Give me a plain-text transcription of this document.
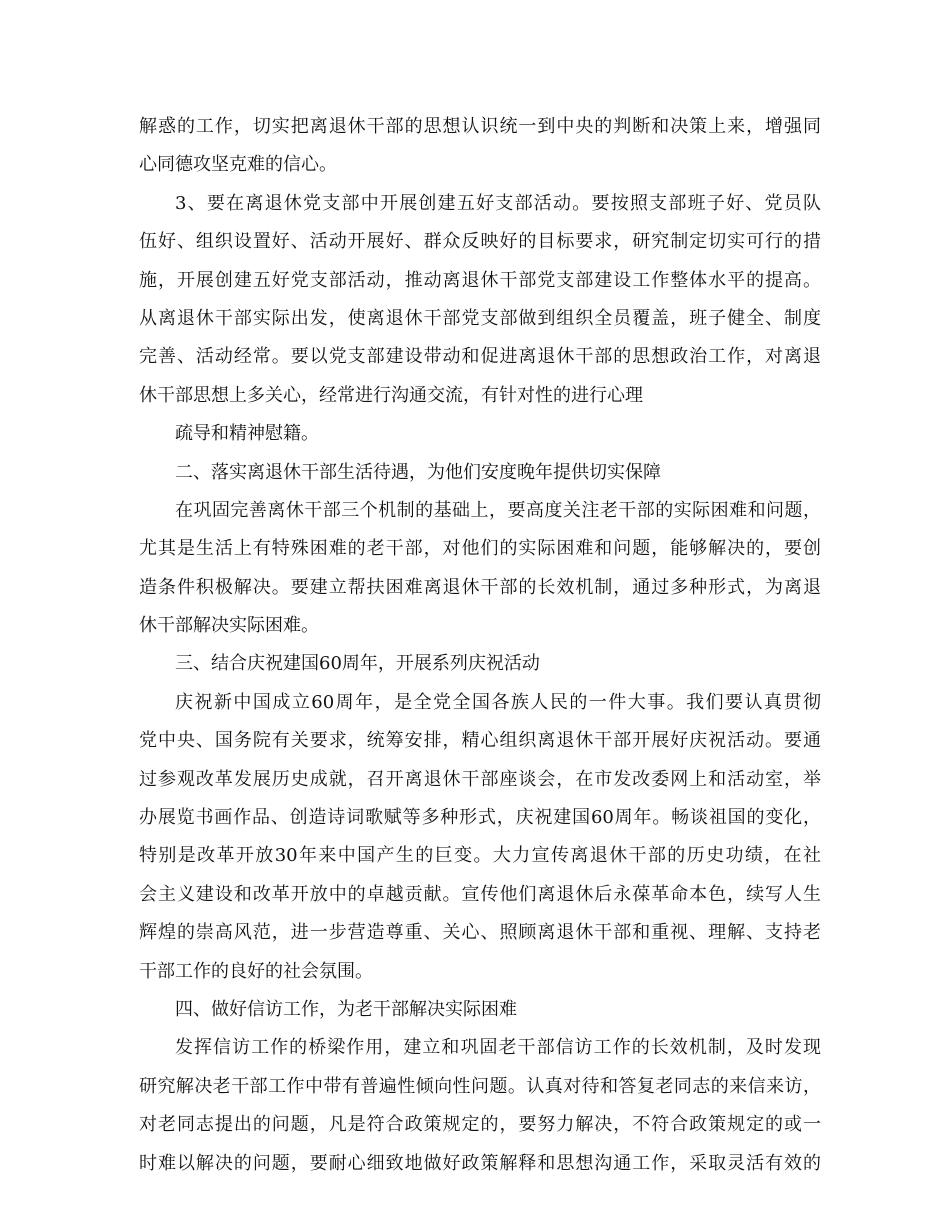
解惑的工作，切实把离退休干部的思想认识统一到中央的判断和决策上来，增强同
心同德攻坚克难的信心。
3、要在离退休党支部中开展创建五好支部活动。要按照支部班子好、党员队
伍好、组织设置好、活动开展好、群众反映好的目标要求，研究制定切实可行的措
施，开展创建五好党支部活动，推动离退休干部党支部建设工作整体水平的提高。
从离退休干部实际出发，使离退休干部党支部做到组织全员覆盖，班子健全、制度
完善、活动经常。要以党支部建设带动和促进离退休干部的思想政治工作，对离退
休干部思想上多关心，经常进行沟通交流，有针对性的进行心理
疏导和精神慰籍。
二、落实离退休干部生活待遇，为他们安度晚年提供切实保障
在巩固完善离休干部三个机制的基础上，要高度关注老干部的实际困难和问题，
尤其是生活上有特殊困难的老干部，对他们的实际困难和问题，能够解决的，要创
造条件积极解决。要建立帮扶困难离退休干部的长效机制，通过多种形式，为离退
休干部解决实际困难。
三、结合庆祝建国60周年，开展系列庆祝活动
庆祝新中国成立60周年，是全党全国各族人民的一件大事。我们要认真贯彻
党中央、国务院有关要求，统筹安排，精心组织离退休干部开展好庆祝活动。要通
过参观改革发展历史成就，召开离退休干部座谈会，在市发改委网上和活动室，举
办展览书画作品、创造诗词歌赋等多种形式，庆祝建国60周年。畅谈祖国的变化，
特别是改革开放30年来中国产生的巨变。大力宣传离退休干部的历史功绩，在社
会主义建设和改革开放中的卓越贡献。宣传他们离退休后永葆革命本色，续写人生
辉煌的崇高风范，进一步营造尊重、关心、照顾离退休干部和重视、理解、支持老
干部工作的良好的社会氛围。
四、做好信访工作，为老干部解决实际困难
发挥信访工作的桥梁作用，建立和巩固老干部信访工作的长效机制，及时发现
研究解决老干部工作中带有普遍性倾向性问题。认真对待和答复老同志的来信来访，
对老同志提出的问题，凡是符合政策规定的，要努力解决，不符合政策规定的或一
时难以解决的问题，要耐心细致地做好政策解释和思想沟通工作，采取灵活有效的
